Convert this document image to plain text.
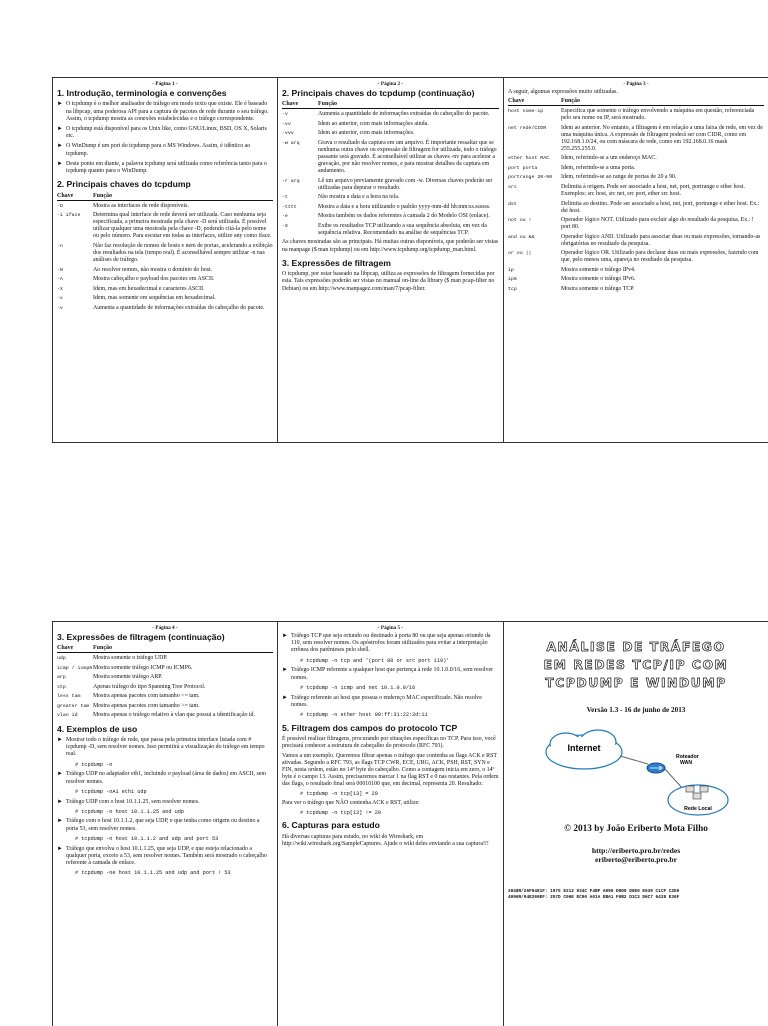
- Página 1 -
1. Introdução, terminologia e convenções
► O tcpdump é o melhor analisador de tráfego em modo texto que existe. Ele é baseado na libpcap, uma poderosa API para a captura de pacotes de rede durante o seu tráfego. Assim, o tcpdump mostra as conexões estabelecidas e o tráfego correspondente.
► O tcpdump está disponível para os Unix like, como GNU/Linux, BSD, OS X, Solaris etc.
► O WinDump é um port do tcpdump para o MS Windows. Assim, é idêntico ao tcpdump.
► Deste ponto em diante, a palavra tcpdump será utilizada como referência tanto para o tcpdump quanto para o WinDump.
2. Principais chaves do tcpdump
Chave	Função
-D	Mostra as interfaces de rede disponíveis.
-i iface	Determina qual interface de rede deverá ser utilizada. Caso nenhuma seja especificada, a primeira mostrada pela chave -D será utilizada. É possível utilizar qualquer uma mostrada pela chave -D, podendo citá-la pelo nome ou pelo número. Para escutar em todas as interfaces, utilize any como iface.
-n	Não faz resolução de nomes de hosts e nem de portas, acelerando a exibição dos resultados na tela (tempo real). É aconselhável sempre utilizar -n nas análises de tráfego.
-N	Ao resolver nomes, não mostra o domínio do host.
-A	Mostra cabeçalho e payload dos pacotes em ASCII.
-X	Idem, mas em hexadecimal e caracteres ASCII.
-x	Idem, mas somente em sequências em hexadecimal.
-v	Aumenta a quantidade de informações extraídas do cabeçalho do pacote.
- Página 2 -
2. Principais chaves do tcpdump (continuação)
Chave	Função
-v	Aumenta a quantidade de informações extraídas do cabeçalho do pacote.
-vv	Idem ao anterior, com mais informações ainda.
-vvv	Idem ao anterior, com mais informações.
-w arq	Grava o resultado da captura em um arquivo. É importante ressaltar que se nenhuma outra chave ou expressão de filtragem for utilizada, todo o tráfego passante será gravado. É aconselhável utilizar as chaves -nv para acelerar a gravação, por não resolver nomes, e para mostrar detalhes da captura em andamento.
-r arq	Lê um arquivo previamente gravado com -w. Diversas chaves poderão ser utilizadas para depurar o resultado.
-t	Não mostra a data e a hora na tela.
-tttt	Mostra a data e a hora utilizando o padrão yyyy-mm-dd hh:mm:ss.ssssss.
-e	Mostra também os dados referentes à camada 2 do Modelo OSI (enlace).
-S	Exibe os resultados TCP utilizando a sua sequência absoluta, em vez da sequência relativa. Recomendado na análise de sequências TCP.
As chaves mostradas são as principais. Há muitas outras disponíveis, que poderão ser vistas na manpage ($ man tcpdump) ou em http://www.tcpdump.org/tcpdump_man.html.
3. Expressões de filtragem
O tcpdump, por estar baseado na libpcap, utiliza as expressões de filtragem fornecidas por esta. Tais expressões poderão ser vistas no manual on-line da library ($ man pcap-filter no Debian) ou em http://www.manpagez.com/man/7/pcap-filter.
- Página 3 -
A seguir, algumas expressões muito utilizadas.
Chave	Função
host nome-ip	Especifica que somente o tráfego envolvendo a máquina em questão, referenciada pelo seu nome ou IP, será mostrado.
net rede/CIDR	Idem ao anterior. No entanto, a filtragem é em relação a uma faixa de rede, em vez de uma máquina única. A expressão de filtragem poderá ser com CIDR, como em 192.168.1.0/24, ou com máscara de rede, como em 192.168.0.16 mask 255.255.255.0.
ether host MAC	Idem, referindo-se a um endereço MAC.
port porta	Idem, referindo-se a uma porta.
portrange 20-90	Idem, referindo-se ao range de portas de 20 a 90.
src	Delimita à origem. Pode ser associado a host, net, port, portrange e ether host. Exemplos: src host, src net, src port, ether src host.
dst	Delimita ao destino. Pode ser associado a host, net, port, portrange e ether host. Ex.: dst host.
not ou !	Operador lógico NOT. Utilizado para excluir algo do resultado da pesquisa. Ex.: ! port 80.
and ou &&	Operador lógico AND. Utilizado para associar duas ou mais expressões, tornando-as obrigatórias no resultado da pesquisa.
or ou ||	Operador lógico OR. Utilizado para declarar duas ou mais expressões, fazendo com que, pelo menos uma, apareça no resultado da pesquisa.
ip	Mostra somente o tráfego IPv4.
ip6	Mostra somente o tráfego IPv6.
tcp	Mostra somente o tráfego TCP.
- Página 4 -
3. Expressões de filtragem (continuação)
Chave	Função
udp	Mostra somente o tráfego UDP.
icmp / icmp6 Mostra somente tráfego ICMP ou ICMP6.
arp	Mostra somente tráfego ARP.
stp	Apenas tráfego do tipo Spanning Tree Protocol.
less tam	Mostra apenas pacotes com tamanho <= tam.
greater tam Mostra apenas pacotes com tamanho >= tam.
vlan id	Mostra apenas o tráfego relativo à vlan que possui a identificação id.
4. Exemplos de uso
► Mostrar todo o tráfego de rede, que passa pela primeira interface listada com # tcpdump -D, sem resolver nomes. Isso permitirá a visualização do tráfego em tempo real.
# tcpdump -n
► Tráfego UDP no adaptador eth1, incluindo o payload (área de dados) em ASCII, sem resolver nomes.
# tcpdump -nAi eth1 udp
► Tráfego UDP com o host 10.1.1.25, sem resolver nomes.
# tcpdump -n host 10.1.1.25 and udp
► Tráfego com o host 10.1.1.2, que seja UDP, e que tenha como origem ou destino a porta 53, sem resolver nomes.
# tcpdump -n host 10.1.1.2 and udp and port 53
► Tráfego que envolva o host 10.1.1.25, que seja UDP, e que esteja relacionado a qualquer porta, exceto a 53, sem resolver nomes. Também será mostrado o cabeçalho referente à camada de enlace.
# tcpdump -ne host 10.1.1.25 and udp and port ! 53
- Página 5 -
► Tráfego TCP que seja oriundo ou destinado à porta 80 ou que seja apenas oriundo da 110, sem resolver nomes. Os apóstrofos foram utilizados para evitar a interpretação errônea dos parênteses pelo shell.
# tcpdump -n tcp and '(port 80 or src port 110)'
► Tráfego ICMP referente a qualquer host que pertença à rede 10.1.0.0/16, sem resolver nomes.
# tcpdump -n icmp and net 10.1.0.0/16
► Tráfego referente ao host que possua o endereço MAC especificado. Não resolve nomes.
# tcpdump -n ether host 00:ff:31:22:2d:11
5. Filtragem dos campos do protocolo TCP
É possível realizar filtragens, procurando por situações específicas no TCP. Para isso, você precisará conhecer a estrutura de cabeçalho do protocolo (RFC 793).
Vamos a um exemplo. Queremos filtrar apenas o tráfego que contenha as flags ACK e RST ativadas. Segundo a RFC 793, as flags TCP CWR, ECE, URG, ACK, PSH, RST, SYN e FIN, nesta ordem, estão no 14º byte do cabeçalho. Como a contagem inicia em zero, o 14º byte é o campo 13. Assim, precisaremos marcar 1 na flag RST e 0 nas restantes. Pela ordem das flags, o resultado final será 00010100 que, em decimal, representa 20. Resultado:
# tcpdump -n tcp[13] = 20
Para ver o tráfego que NÃO contenha ACK e RST, utilize:
# tcpdump -n tcp[13] != 20
6. Capturas para estudo
Há diversas capturas para estudo, no wiki do Wireshark, em http://wiki.wireshark.org/SampleCaptures. Ajude o wiki deles enviando a sua captura!!!
ANÁLISE DE TRÁFEGO
EM REDES TCP/IP COM
TCPDUMP E WINDUMP
Versão 1.3 - 16 de junho de 2013
Internet
Roteador
WAN
Rede Local
© 2013 by João Eriberto Mota Filho
http://eriberto.pro.br/redes
eriberto@eriberto.pro.br
2048R/26F0481F: 1975 E212 934C F4BF A096 D0D0 D6E0 E039 C1CF C2E6
4096R/94E269EF: 257D C06E EC90 A01A EBA1 F0B2 D1C3 D6C7 6428 E36F
